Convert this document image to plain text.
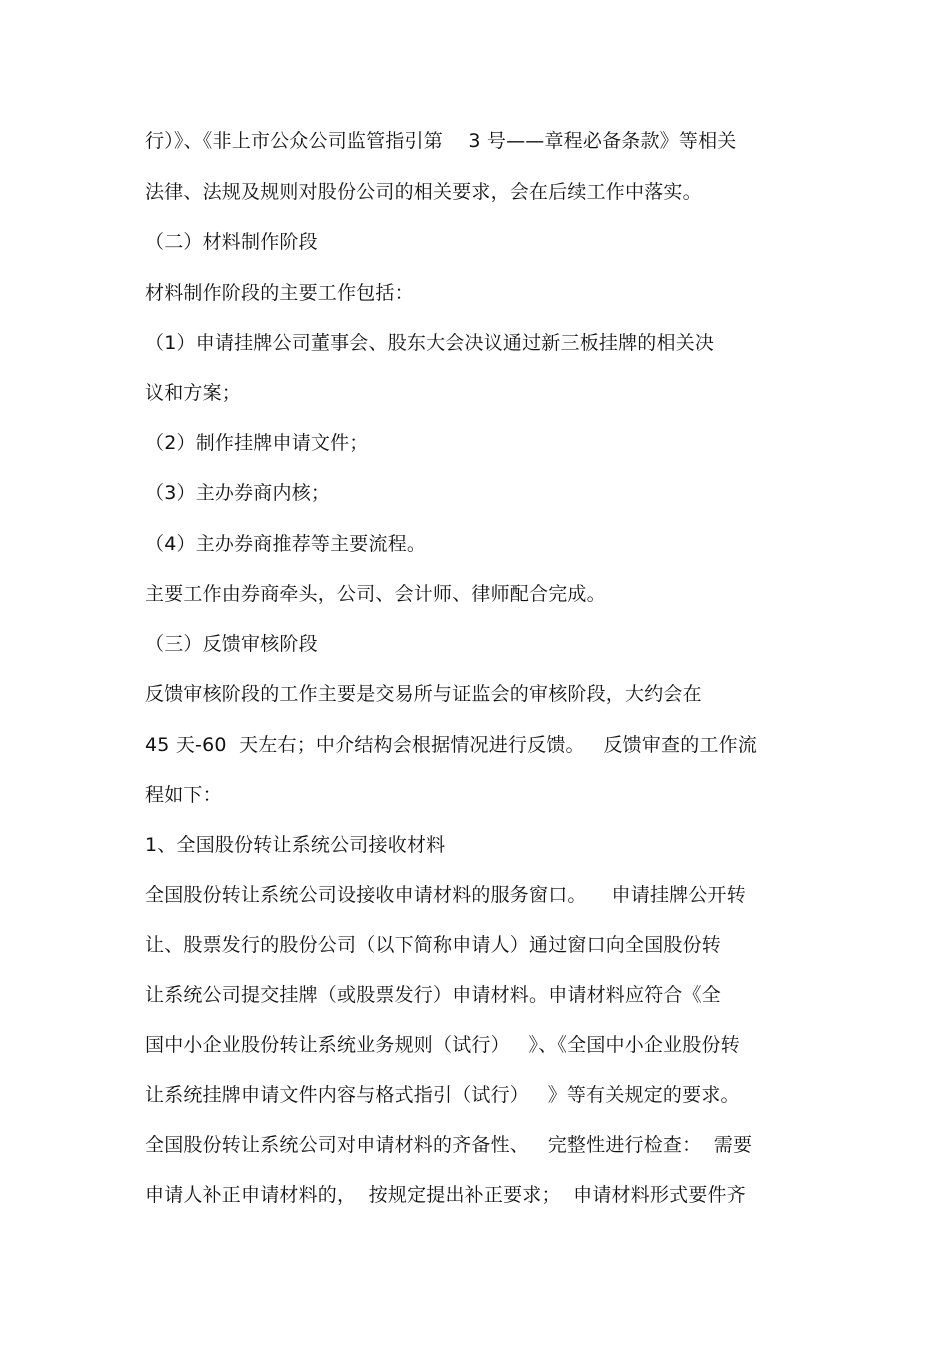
行）》、《非上市公众公司监管指引第　 3 号——章程必备条款》等相关
法律、法规及规则对股份公司的相关要求，会在后续工作中落实。
（二）材料制作阶段
材料制作阶段的主要工作包括：
（1）申请挂牌公司董事会、股东大会决议通过新三板挂牌的相关决
议和方案；
（2）制作挂牌申请文件；
（3）主办券商内核；
（4）主办券商推荐等主要流程。
主要工作由券商牵头，公司、会计师、律师配合完成。
（三）反馈审核阶段
反馈审核阶段的工作主要是交易所与证监会的审核阶段，大约会在
45 天-60  天左右；中介结构会根据情况进行反馈。   反馈审查的工作流
程如下：
1、全国股份转让系统公司接收材料
全国股份转让系统公司设接收申请材料的服务窗口。    申请挂牌公开转
让、股票发行的股份公司（以下简称申请人）通过窗口向全国股份转
让系统公司提交挂牌（或股票发行）申请材料。申请材料应符合《全
国中小企业股份转让系统业务规则（试行）   》、《全国中小企业股份转
让系统挂牌申请文件内容与格式指引（试行）   》等有关规定的要求。
全国股份转让系统公司对申请材料的齐备性、   完整性进行检查：  需要
申请人补正申请材料的，  按规定提出补正要求；  申请材料形式要件齐
